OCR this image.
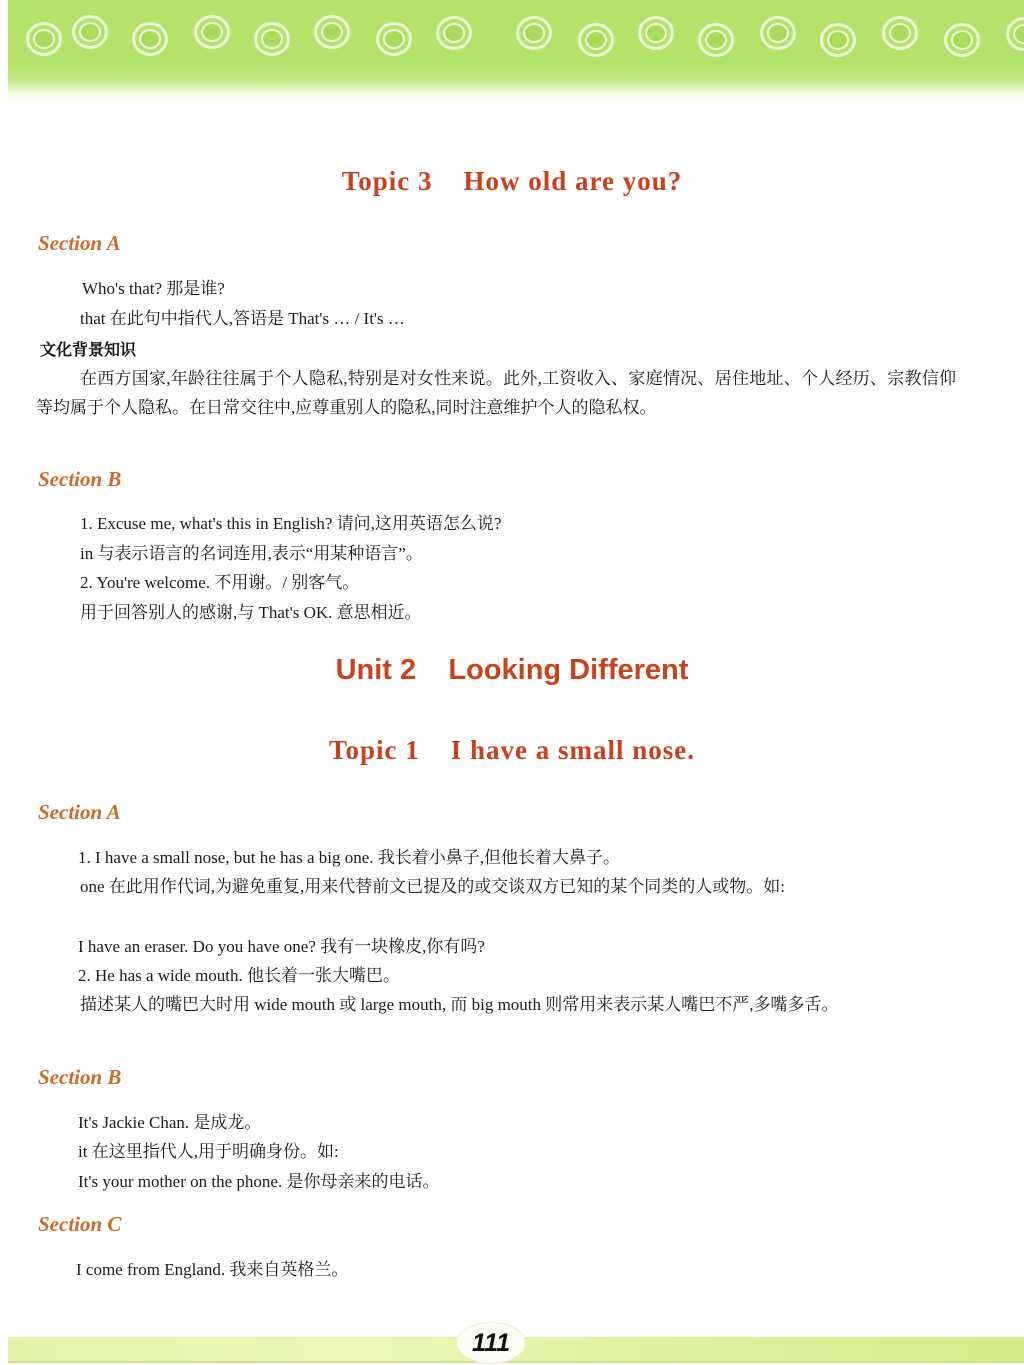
Topic 3    How old are you?
Section A
Who's that? 那是谁?
that 在此句中指代人,答语是 That's … / It's …
文化背景知识
在西方国家,年龄往往属于个人隐私,特别是对女性来说。此外,工资收入、家庭情况、居住地址、个人经历、宗教信仰等均属于个人隐私。在日常交往中,应尊重别人的隐私,同时注意维护个人的隐私权。
Section B
1. Excuse me, what's this in English? 请问,这用英语怎么说?
in 与表示语言的名词连用,表示“用某种语言”。
2. You're welcome. 不用谢。/ 别客气。
用于回答别人的感谢,与 That's OK. 意思相近。
Unit 2    Looking Different
Topic 1    I have a small nose.
Section A
1. I have a small nose, but he has a big one. 我长着小鼻子,但他长着大鼻子。
one 在此用作代词,为避免重复,用来代替前文已提及的或交谈双方已知的某个同类的人或物。如:
I have an eraser. Do you have one? 我有一块橡皮,你有吗?
2. He has a wide mouth. 他长着一张大嘴巴。
描述某人的嘴巴大时用 wide mouth 或 large mouth, 而 big mouth 则常用来表示某人嘴巴不严,多嘴多舌。
Section B
It's Jackie Chan. 是成龙。
it 在这里指代人,用于明确身份。如:
It's your mother on the phone. 是你母亲来的电话。
Section C
I come from England. 我来自英格兰。
111
